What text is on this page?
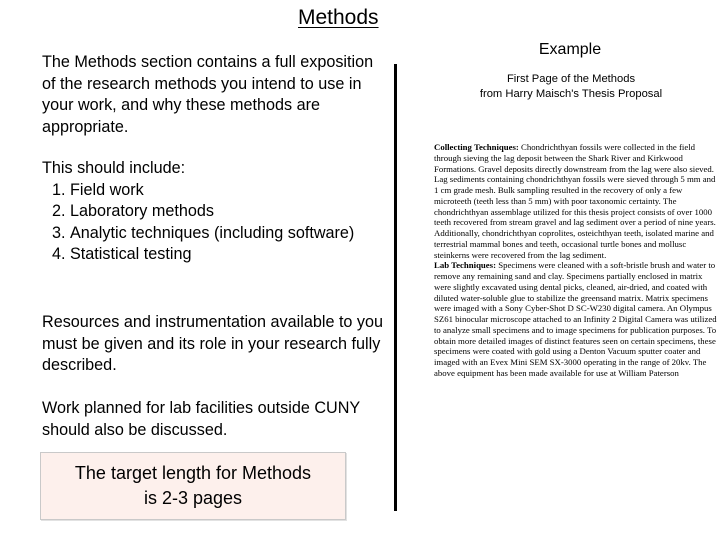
Methods
The Methods section contains a full exposition of the research methods you intend to use in your work, and why these methods are appropriate.
This should include:
1. Field work
2. Laboratory methods
3. Analytic techniques (including software)
4. Statistical testing
Resources and instrumentation available to you must be given and its role in your research fully described.
Work planned for lab facilities outside CUNY should also be discussed.
The target length for Methods
is 2-3 pages
Example
First Page of the Methods
from Harry Maisch's Thesis Proposal
Collecting Techniques: Chondrichthyan fossils were collected in the field through sieving the lag deposit between the Shark River and Kirkwood Formations. Gravel deposits directly downstream from the lag were also sieved. Lag sediments containing chondrichthyan fossils were sieved through 5 mm and 1 cm grade mesh. Bulk sampling resulted in the recovery of only a few microteeth (teeth less than 5 mm) with poor taxonomic certainty. The chondrichthyan assemblage utilized for this thesis project consists of over 1000 teeth recovered from stream gravel and lag sediment over a period of nine years. Additionally, chondrichthyan coprolites, osteichthyan teeth, isolated marine and terrestrial mammal bones and teeth, occasional turtle bones and mollusc steinkerns were recovered from the lag sediment.
Lab Techniques: Specimens were cleaned with a soft-bristle brush and water to remove any remaining sand and clay. Specimens partially enclosed in matrix were slightly excavated using dental picks, cleaned, air-dried, and coated with diluted water-soluble glue to stabilize the greensand matrix. Matrix specimens were imaged with a Sony Cyber-Shot D SC-W230 digital camera. An Olympus SZ61 binocular microscope attached to an Infinity 2 Digital Camera was utilized to analyze small specimens and to image specimens for publication purposes. To obtain more detailed images of distinct features seen on certain specimens, these specimens were coated with gold using a Denton Vacuum sputter coater and imaged with an Evex Mini SEM SX-3000 operating in the range of 20kv. The above equipment has been made available for use at William Paterson
